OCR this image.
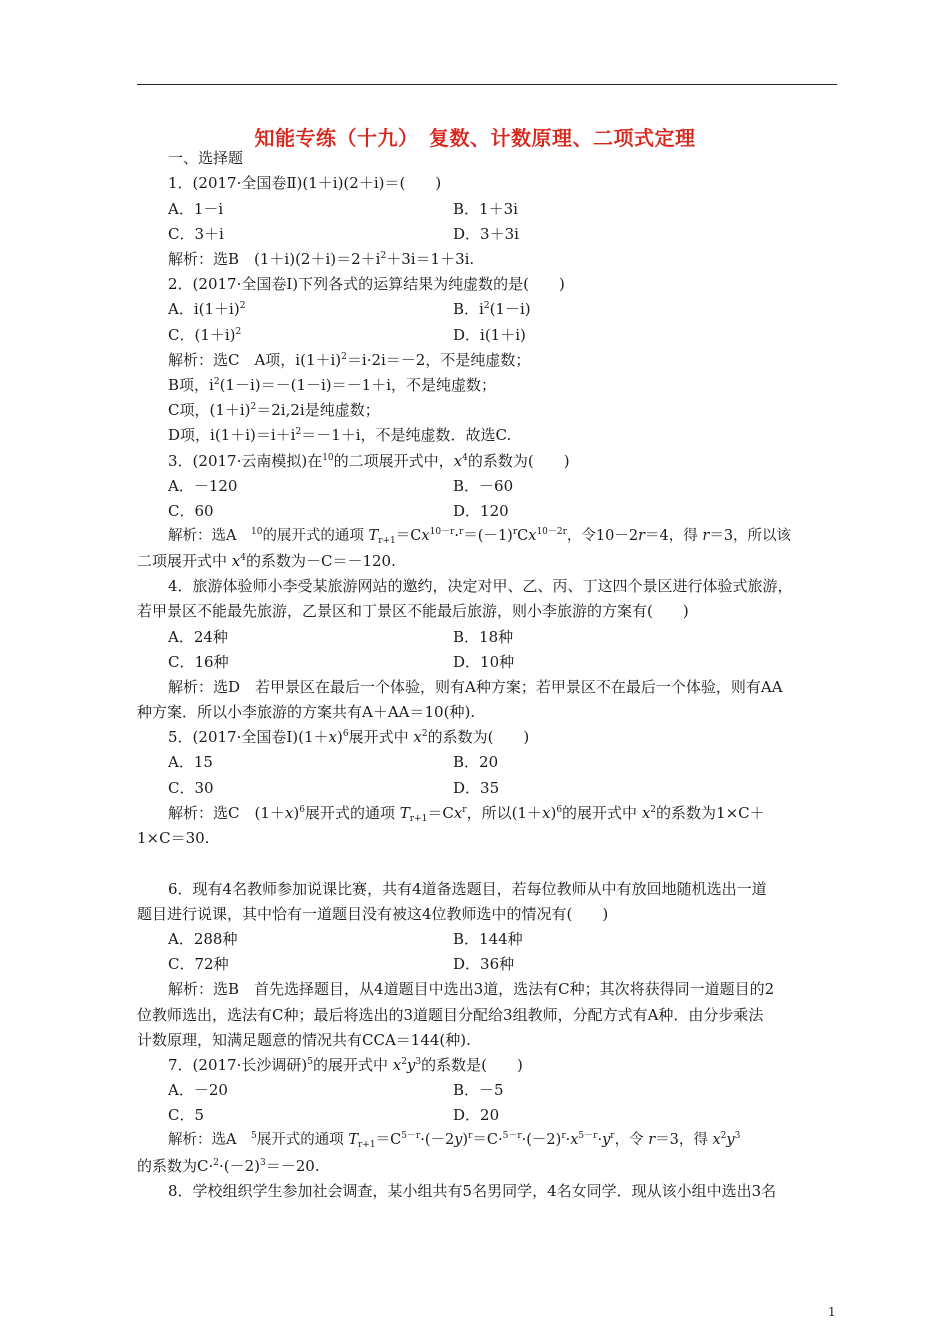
知能专练（十九）　复数、计数原理、二项式定理
一、选择题
1．(2017·全国卷Ⅱ)(1＋i)(2＋i)＝(　　)
A．1－i	B．1＋3i
C．3＋i	D．3＋3i
解析：选B　$(1+i)(2+i)=2+i^2+3i=1+3i$.
2．(2017·全国卷Ⅰ)下列各式的运算结果为纯虚数的是(　　)
A．$i(1+i)^2$	B．$i^2(1-i)$
C．$(1+i)^2$	D．i(1＋i)
解析：选C　A项，$i(1+i)^2=i\cdot 2i=-2$，不是纯虚数；
B项，$i^2(1-i)=-(1-i)=-1+i$，不是纯虚数；
C项，$(1+i)^2=2i,2i$是纯虚数；
D项，$i(1+i)=i+i^2=-1+i$，不是纯虚数．故选C.
3．(2017·云南模拟)在$^{10}$的二项展开式中，$x^4$的系数为(　　)
A．－120	B．－60
C．60	D．120
解析：选A　$^{10}$的展开式的通项 $T_{r+1}=Cx^{10-r}\cdot^r=(-1)^rCx^{10-2r}$，令10－2r＝4，得 r＝3，所以该
二项展开式中 $x^4$的系数为－C＝－120.
4．旅游体验师小李受某旅游网站的邀约，决定对甲、乙、丙、丁这四个景区进行体验式旅游，
若甲景区不能最先旅游，乙景区和丁景区不能最后旅游，则小李旅游的方案有(　　)
A．24种	B．18种
C．16种	D．10种
解析：选D　若甲景区在最后一个体验，则有A种方案；若甲景区不在最后一个体验，则有AA
种方案．所以小李旅游的方案共有A＋AA＝10(种).
5．(2017·全国卷$Ⅰ)(1+x)^6$展开式中 $x^2$的系数为(　　)
A．15	B．20
C．30	D．35
解析：选C　$(1+x)^6$展开式的通项 $T_{r+1}=Cx^r$，所以$(1+x)^6$的展开式中 $x^2$的系数为1×C＋
1×C＝30.
6．现有4名教师参加说课比赛，共有4道备选题目，若每位教师从中有放回地随机选出一道
题目进行说课，其中恰有一道题目没有被这4位教师选中的情况有(　　)
A．288种	B．144种
C．72种	D．36种
解析：选B　首先选择题目，从4道题目中选出3道，选法有C种；其次将获得同一道题目的2
位教师选出，选法有C种；最后将选出的3道题目分配给3组教师，分配方式有A种．由分步乘法
计数原理，知满足题意的情况共有CCA＝144(种).
7．(2017·长沙调研)$^5$的展开式中 $x^2y^3$的系数是(　　)
A．－20	B．－5
C．5	D．20
解析：选A　$^5$展开式的通项 $T_{r+1}=C^{5-r}\cdot(-2y)^r=C\cdot^{5-r}\cdot(-2)^r\cdot x^{5-r}\cdot y^r$，令 r＝3，得 $x^2y^3$
的系数为$C\cdot^2\cdot(-2)^3=-20$.
8．学校组织学生参加社会调查，某小组共有5名男同学，4名女同学．现从该小组中选出3名
1
